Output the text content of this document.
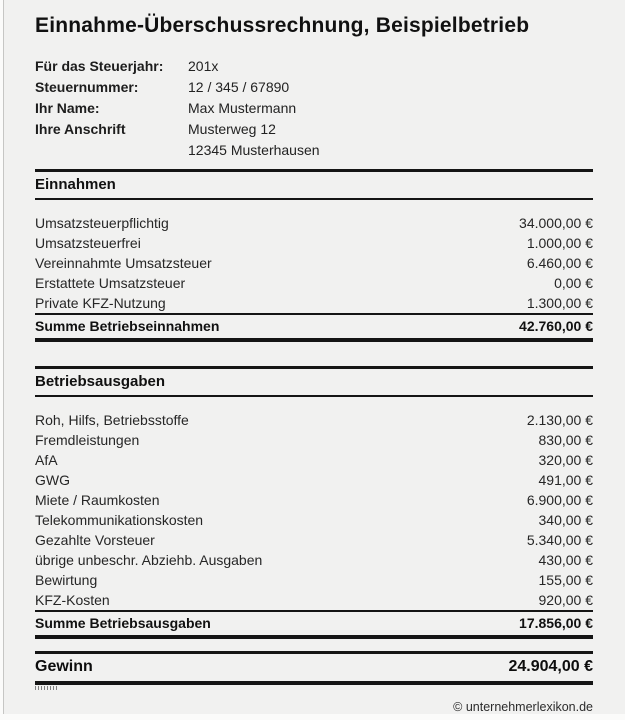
Einnahme-Überschussrechnung, Beispielbetrieb
Für das Steuerjahr:	201x
Steuernummer:	12 / 345 / 67890
Ihr Name:	Max Mustermann
Ihre Anschrift	Musterweg 12
12345 Musterhausen
Einnahmen
Umsatzsteuerpflichtig	34.000,00 €
Umsatzsteuerfrei	1.000,00 €
Vereinnahmte Umsatzsteuer	6.460,00 €
Erstattete Umsatzsteuer	0,00 €
Private KFZ-Nutzung	1.300,00 €
Summe Betriebseinnahmen	42.760,00 €
Betriebsausgaben
Roh, Hilfs, Betriebsstoffe	2.130,00 €
Fremdleistungen	830,00 €
AfA	320,00 €
GWG	491,00 €
Miete / Raumkosten	6.900,00 €
Telekommunikationskosten	340,00 €
Gezahlte Vorsteuer	5.340,00 €
übrige unbeschr. Abziehb. Ausgaben	430,00 €
Bewirtung	155,00 €
KFZ-Kosten	920,00 €
Summe Betriebsausgaben	17.856,00 €
Gewinn	24.904,00 €
© unternehmerlexikon.de
